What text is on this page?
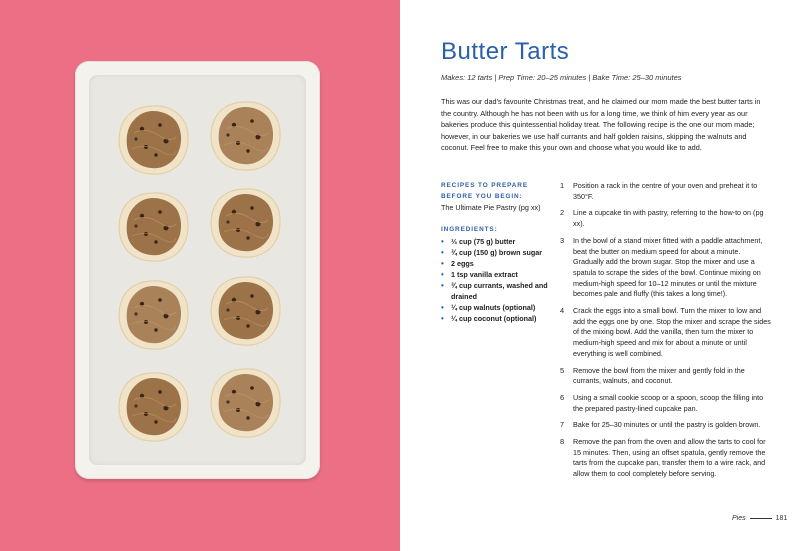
Butter Tarts
Makes: 12 tarts | Prep Time: 20–25 minutes | Bake Time: 25–30 minutes

This was our dad’s favourite Christmas treat, and he claimed our mom made the best butter tarts in the country. Although he has not been with us for a long time, we think of him every year as our bakeries produce this quintessential holiday treat. The following recipe is the one our mom made; however, in our bakeries we use half currants and half golden raisins, skipping the walnuts and coconut. Feel free to make this your own and choose what you would like to add.

RECIPES TO PREPARE BEFORE YOU BEGIN:
The Ultimate Pie Pastry (pg xx)
INGREDIENTS:
• ⅓ cup (75 g) butter
• ¾ cup (150 g) brown sugar
• 2 eggs
• 1 tsp vanilla extract
• ¾ cup currants, washed and drained
• ¼ cup walnuts (optional)
• ¼ cup coconut (optional)
1 Position a rack in the centre of your oven and preheat it to 350°F.
2 Line a cupcake tin with pastry, referring to the how-to on (pg xx).
3 In the bowl of a stand mixer fitted with a paddle attachment, beat the butter on medium speed for about a minute. Gradually add the brown sugar. Stop the mixer and use a spatula to scrape the sides of the bowl. Continue mixing on medium-high speed for 10–12 minutes or until the mixture becomes pale and fluffy (this takes a long time!).
4 Crack the eggs into a small bowl. Turn the mixer to low and add the eggs one by one. Stop the mixer and scrape the sides of the mixing bowl. Add the vanilla, then turn the mixer to medium-high speed and mix for about a minute or until everything is well combined.
5 Remove the bowl from the mixer and gently fold in the currants, walnuts, and coconut.
6 Using a small cookie scoop or a spoon, scoop the filling into the prepared pastry-lined cupcake pan.
7 Bake for 25–30 minutes or until the pastry is golden brown.
8 Remove the pan from the oven and allow the tarts to cool for 15 minutes. Then, using an offset spatula, gently remove the tarts from the cupcake pan, transfer them to a wire rack, and allow them to cool completely before serving.
Pies	181
